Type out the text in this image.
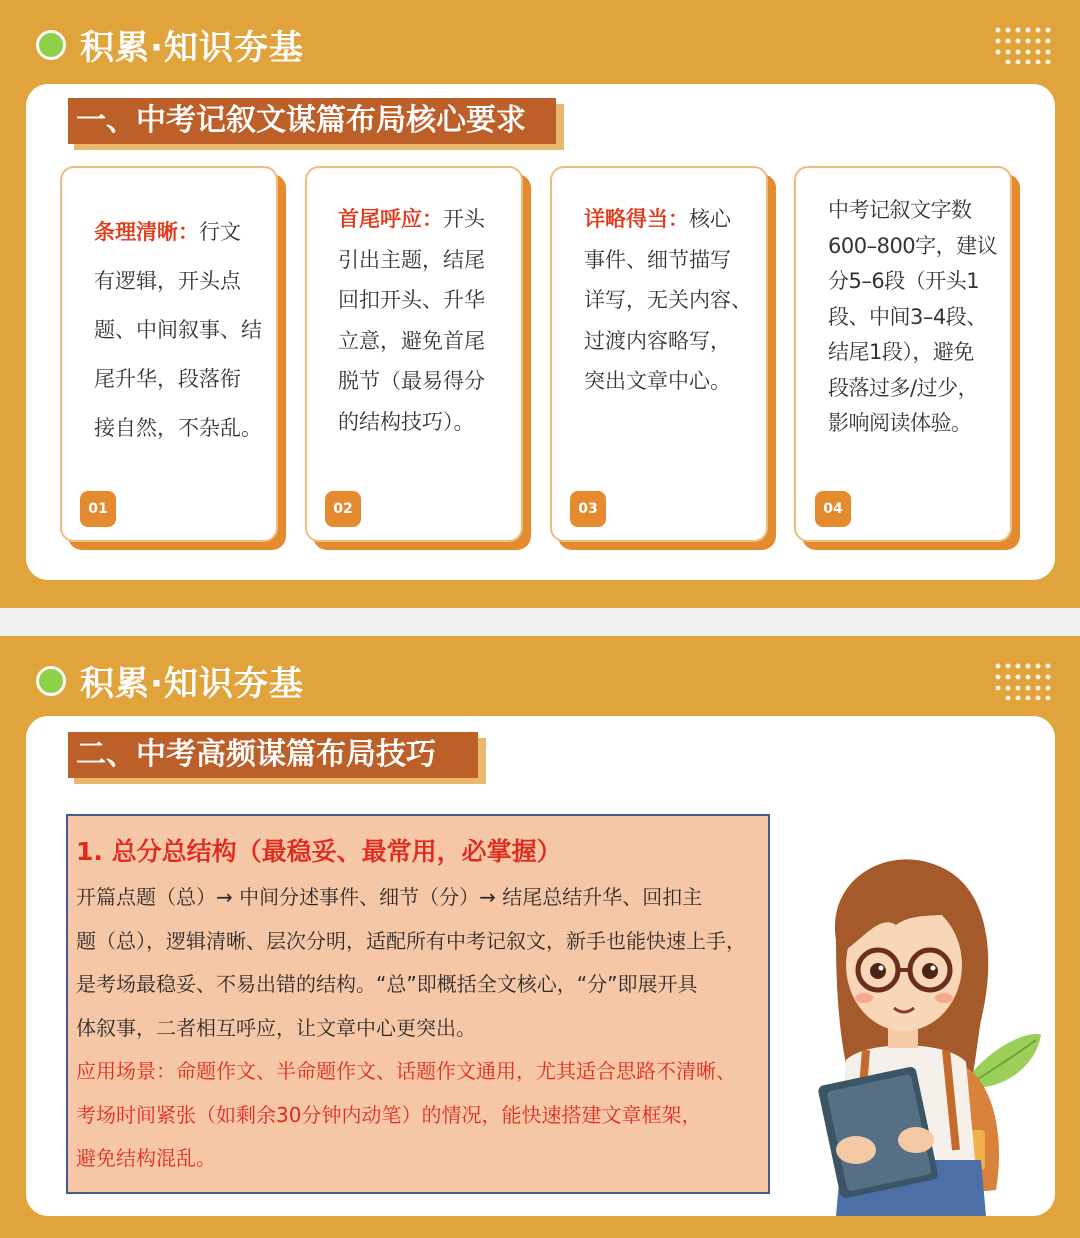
积累·知识夯基
一、中考记叙文谋篇布局核心要求
条理清晰：行文
有逻辑，开头点
题、中间叙事、结
尾升华，段落衔
接自然，不杂乱。
01
首尾呼应：开头
引出主题，结尾
回扣开头、升华
立意，避免首尾
脱节（最易得分
的结构技巧）。
02
详略得当：核心
事件、细节描写
详写，无关内容、
过渡内容略写，
突出文章中心。
03
中考记叙文字数
600–800字，建议
分5–6段（开头1
段、中间3–4段、
结尾1段），避免
段落过多/过少，
影响阅读体验。
04
积累·知识夯基
二、中考高频谋篇布局技巧
1. 总分总结构（最稳妥、最常用，必掌握）
开篇点题（总）→ 中间分述事件、细节（分）→ 结尾总结升华、回扣主
题（总），逻辑清晰、层次分明，适配所有中考记叙文，新手也能快速上手，
是考场最稳妥、不易出错的结构。“总”即概括全文核心，“分”即展开具
体叙事，二者相互呼应，让文章中心更突出。
应用场景：命题作文、半命题作文、话题作文通用，尤其适合思路不清晰、
考场时间紧张（如剩余30分钟内动笔）的情况，能快速搭建文章框架，
避免结构混乱。
